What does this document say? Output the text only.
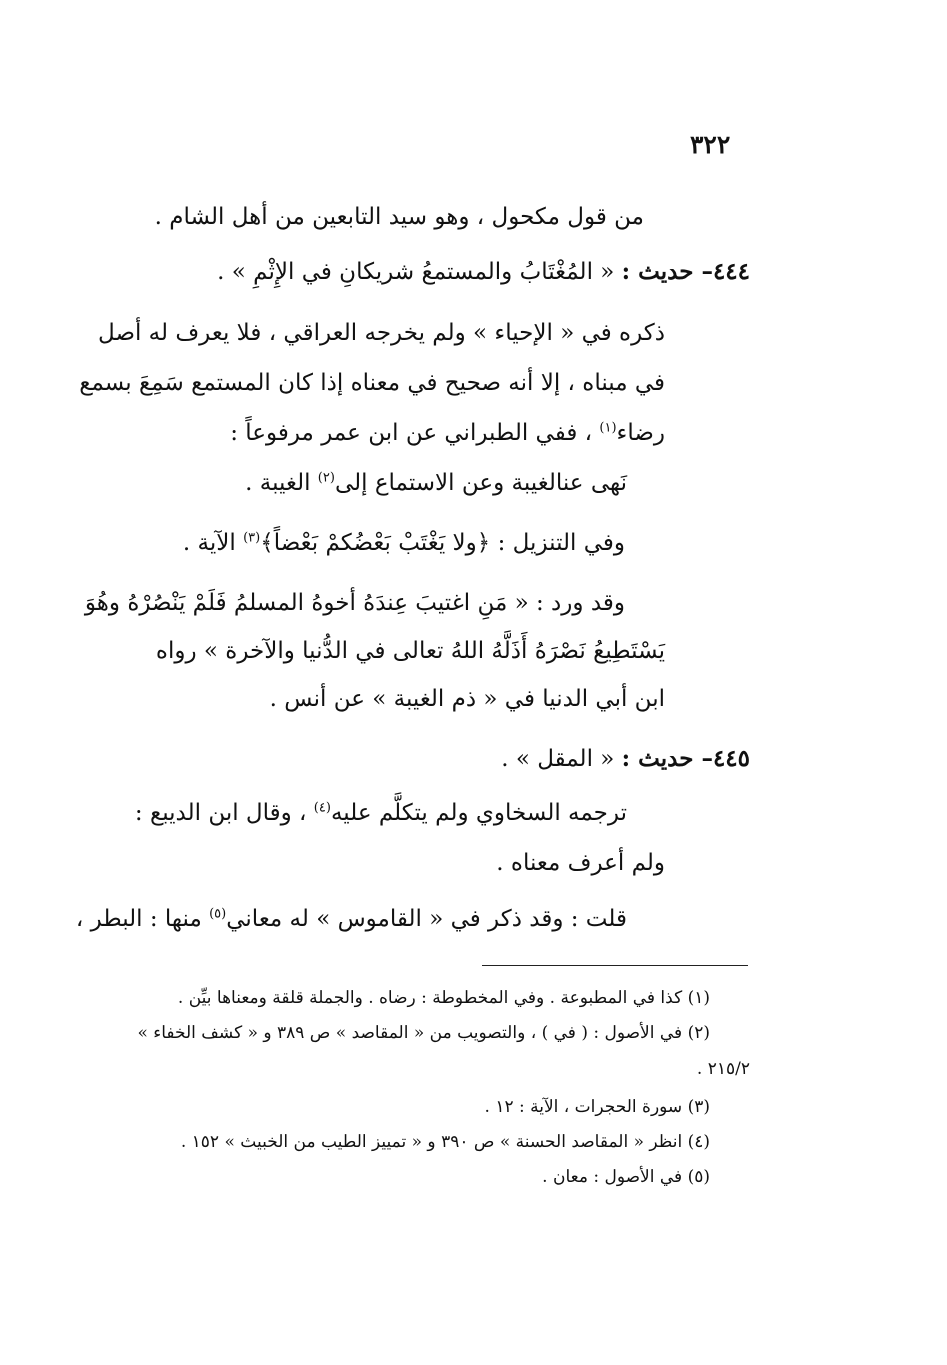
٣٢٢
من قول مكحول ، وهو سيد التابعين من أهل الشام .
٤٤٤– حديث : « المُغْتَابُ والمستمعُ شريكانِ في الإِثْمِ » .
ذكره في « الإحياء » ولم يخرجه العراقي ، فلا يعرف له أصل
في مبناه ، إلا أنه صحيح في معناه إذا كان المستمع سَمِعَ بسمع
رضاء$^{(١)}$ ، ففي الطبراني عن ابن عمر مرفوعاً :
نَهى عنالغيبة وعن الاستماع إلى$^{(٢)}$ الغيبة .
وفي التنزيل : ﴿ولا يَغْتَبْ بَعْضُكمْ بَعْضاً﴾$^{(٣)}$ الآية .
وقد ورد : « مَنِ اغتيبَ عِندَهُ أخوهُ المسلمُ فَلَمْ يَنْصُرْهُ وهُوَ
يَسْتَطِيعُ نَصْرَهُ أَذَلَّهُ اللهُ تعالى في الدُّنيا والآخرة » رواه
ابن أبي الدنيا في « ذم الغيبة » عن أنس .
٤٤٥– حديث : « المقل » .
ترجمه السخاوي ولم يتكلَّم عليه$^{(٤)}$ ، وقال ابن الديبع :
ولم أعرف معناه .
قلت : وقد ذكر في « القاموس » له معاني$^{(٥)}$ منها : البطر ،
(١) كذا في المطبوعة . وفي المخطوطة : رضاه . والجملة قلقة ومعناها بيِّن .
(٢) في الأصول : ( في ) ، والتصويب من « المقاصد » ص ٣٨٩ و « كشف الخفاء »
٢١٥/٢ .
(٣) سورة الحجرات ، الآية : ١٢ .
(٤) انظر « المقاصد الحسنة » ص ٣٩٠ و « تمييز الطيب من الخبيث » ١٥٢ .
(٥) في الأصول : معان .
